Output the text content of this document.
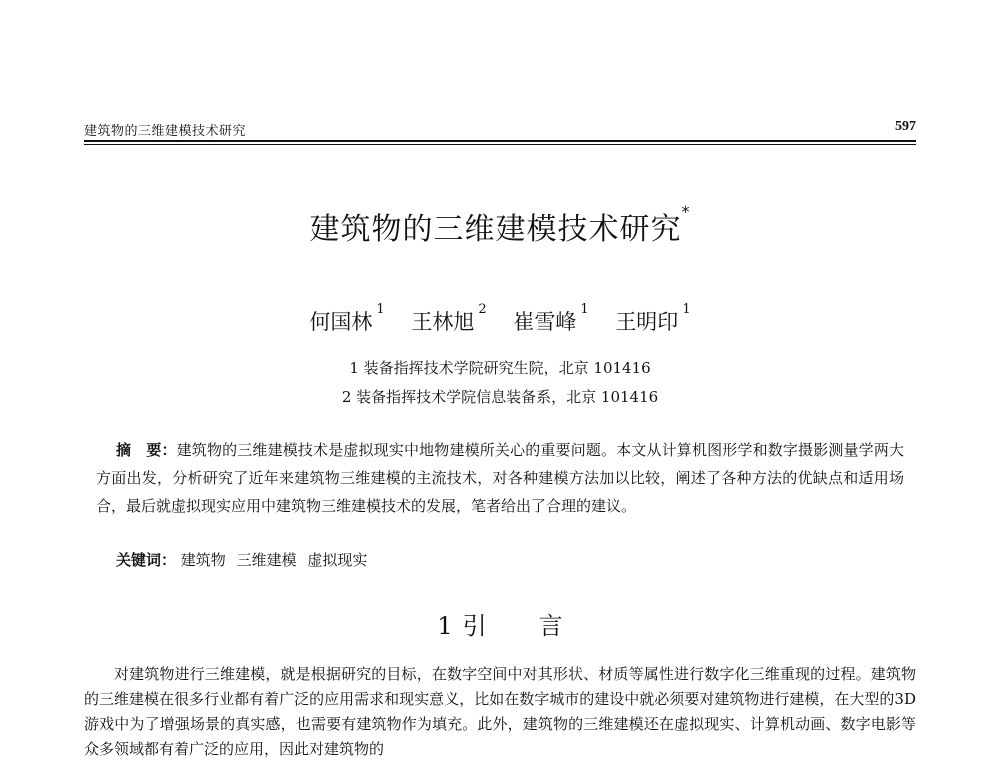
建筑物的三维建模技术研究	597
建筑物的三维建模技术研究*
何国林$^1$ 王林旭$^2$ 崔雪峰$^1$ 王明印$^1$
1 装备指挥技术学院研究生院，北京 101416
2 装备指挥技术学院信息装备系，北京 101416
摘　要：建筑物的三维建模技术是虚拟现实中地物建模所关心的重要问题。本文从计算机图形学和数字摄影测量学两大方面出发，分析研究了近年来建筑物三维建模的主流技术，对各种建模方法加以比较，阐述了各种方法的优缺点和适用场合，最后就虚拟现实应用中建筑物三维建模技术的发展，笔者给出了合理的建议。
关键词： 建筑物 三维建模 虚拟现实
1 引言
对建筑物进行三维建模，就是根据研究的目标，在数字空间中对其形状、材质等属性进行数字化三维重现的过程。建筑物的三维建模在很多行业都有着广泛的应用需求和现实意义，比如在数字城市的建设中就必须要对建筑物进行建模，在大型的3D游戏中为了增强场景的真实感，也需要有建筑物作为填充。此外，建筑物的三维建模还在虚拟现实、计算机动画、数字电影等众多领域都有着广泛的应用，因此对建筑物的
